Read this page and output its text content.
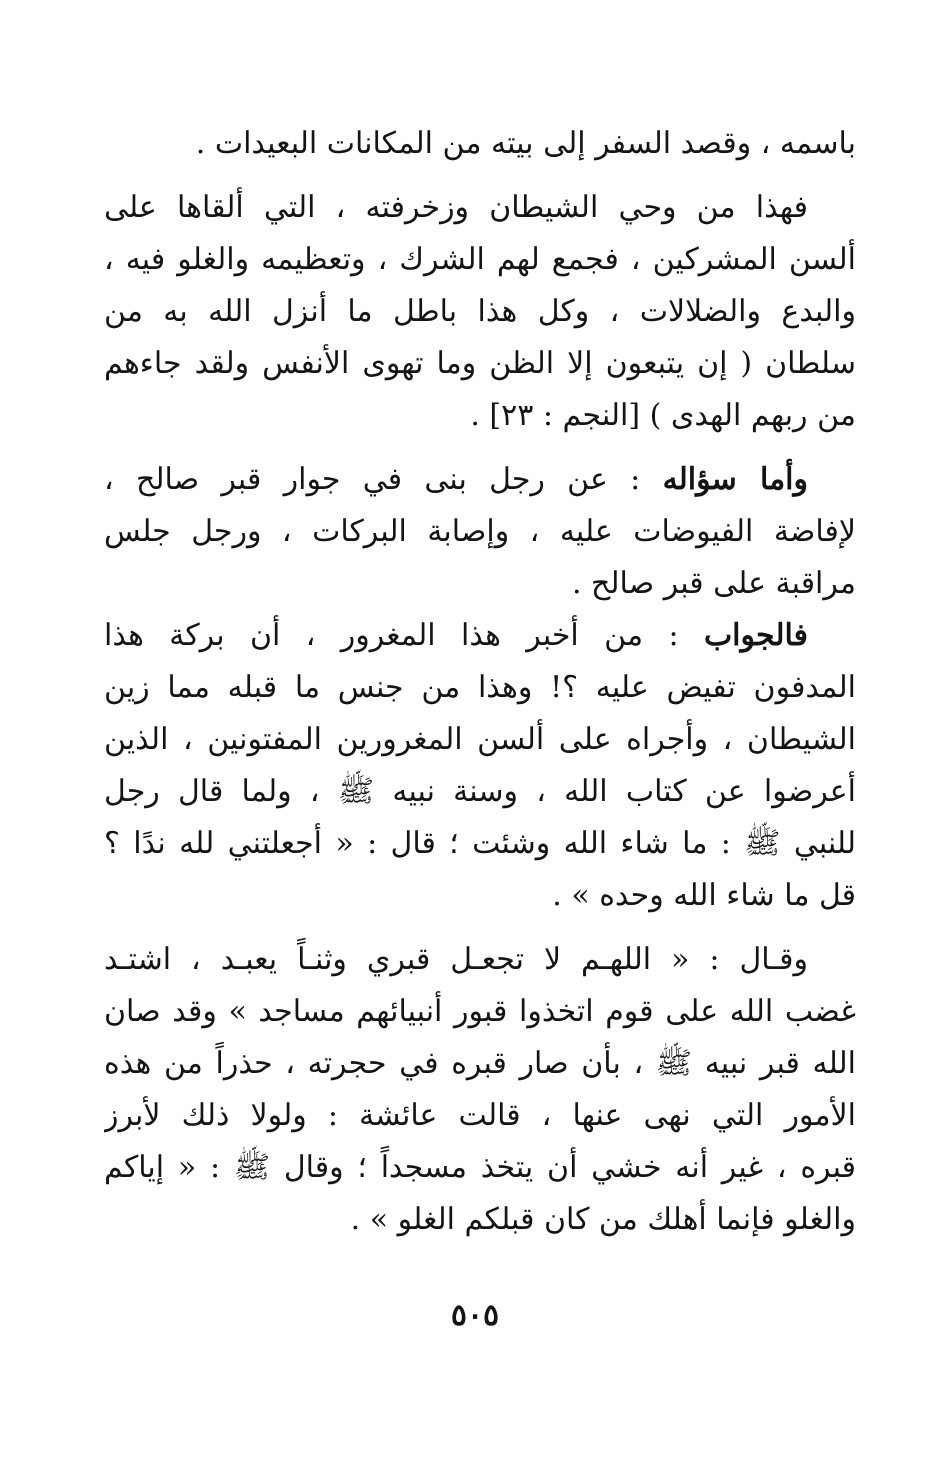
باسمه ، وقصد السفر إلى بيته من المكانات البعيدات .
فهذا من وحي الشيطان وزخرفته ، التي ألقاها على
ألسن المشركين ، فجمع لهم الشرك ، وتعظيمه والغلو فيه ،
والبدع والضلالات ، وكل هذا باطل ما أنزل الله به من
سلطان ( إن يتبعون إلا الظن وما تهوى الأنفس ولقد جاءهم
من ربهم الهدى ) [النجم : ٢٣] .
وأما سؤاله : عن رجل بنى في جوار قبر صالح ،
لإفاضة الفيوضات عليه ، وإصابة البركات ، ورجل جلس
مراقبة على قبر صالح .
فالجواب : من أخبر هذا المغرور ، أن بركة هذا
المدفون تفيض عليه ؟! وهذا من جنس ما قبله مما زين
الشيطان ، وأجراه على ألسن المغرورين المفتونين ، الذين
أعرضوا عن كتاب الله ، وسنة نبيه ﷺ ، ولما قال رجل
للنبي ﷺ : ما شاء الله وشئت ؛ قال : « أجعلتني لله ندًا ؟
قل ما شاء الله وحده » .
وقـال : « اللهـم لا تجعـل قبري وثنـاً يعبـد ، اشتـد
غضب الله على قوم اتخذوا قبور أنبيائهم مساجد » وقد صان
الله قبر نبيه ﷺ ، بأن صار قبره في حجرته ، حذراً من هذه
الأمور التي نهى عنها ، قالت عائشة : ولولا ذلك لأبرز
قبره ، غير أنه خشي أن يتخذ مسجداً ؛ وقال ﷺ : « إياكم
والغلو فإنما أهلك من كان قبلكم الغلو » .
٥٠٥
